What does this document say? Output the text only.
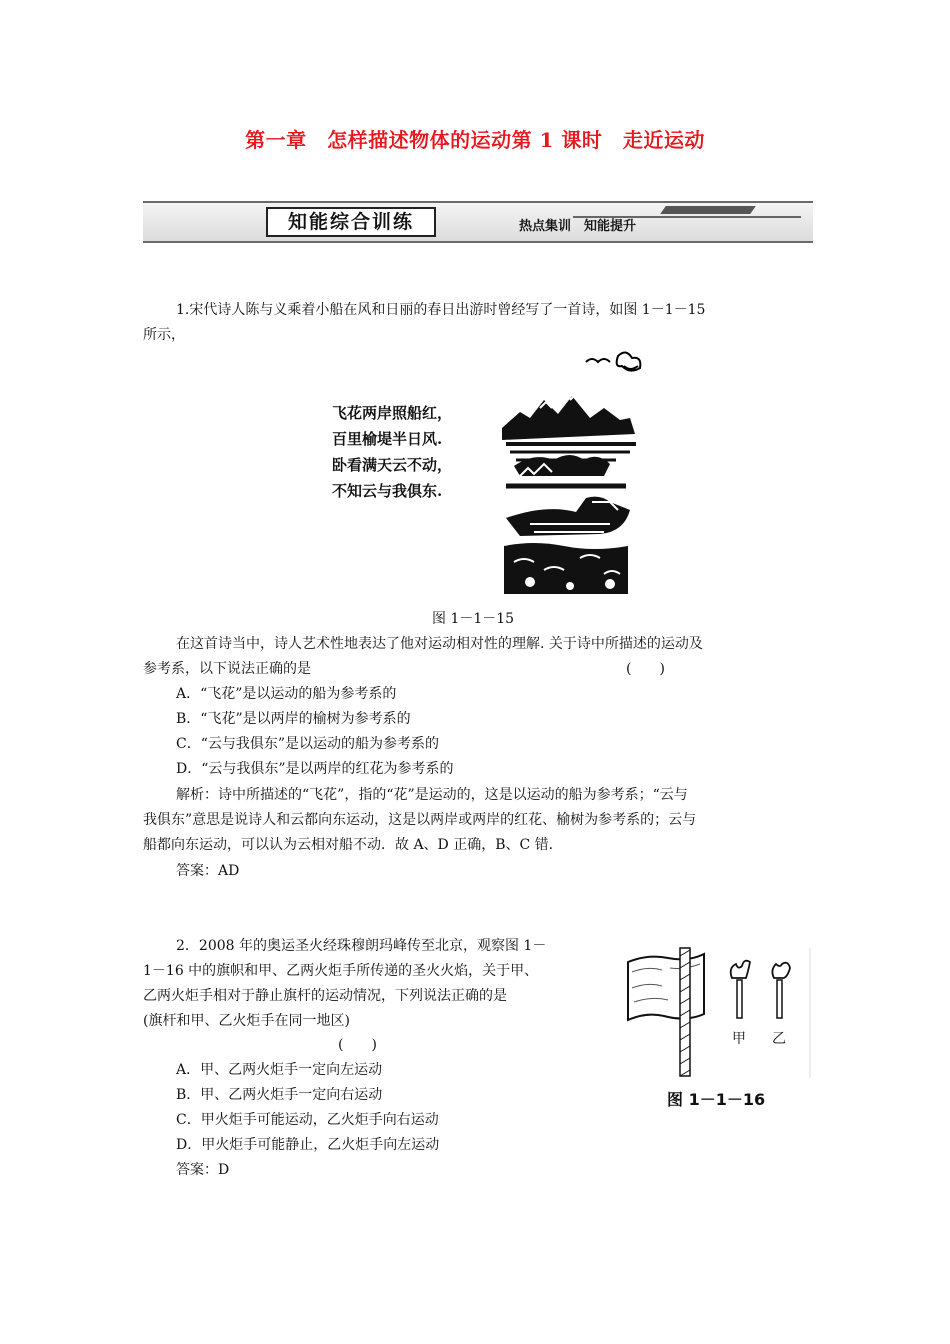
第一章　怎样描述物体的运动第 1 课时　走近运动
知能综合训练	热点集训　知能提升
1.宋代诗人陈与义乘着小船在风和日丽的春日出游时曾经写了一首诗，如图 1－1－15
所示，
飞花两岸照船红，
百里榆堤半日风.
卧看满天云不动，
不知云与我俱东.
图 1－1－15
在这首诗当中，诗人艺术性地表达了他对运动相对性的理解. 关于诗中所描述的运动及
参考系，以下说法正确的是	(　　)
A．“飞花”是以运动的船为参考系的
B．“飞花”是以两岸的榆树为参考系的
C．“云与我俱东”是以运动的船为参考系的
D．“云与我俱东”是以两岸的红花为参考系的
解析：诗中所描述的“飞花”，指的“花”是运动的，这是以运动的船为参考系；“云与
我俱东”意思是说诗人和云都向东运动，这是以两岸或两岸的红花、榆树为参考系的；云与
船都向东运动，可以认为云相对船不动．故 A、D 正确，B、C 错．
答案：AD
2．2008 年的奥运圣火经珠穆朗玛峰传至北京，观察图 1－
1－16 中的旗帜和甲、乙两火炬手所传递的圣火火焰，关于甲、
乙两火炬手相对于静止旗杆的运动情况，下列说法正确的是
(旗杆和甲、乙火炬手在同一地区)
(　　)
A．甲、乙两火炬手一定向左运动
B．甲、乙两火炬手一定向右运动
C．甲火炬手可能运动，乙火炬手向右运动
D．甲火炬手可能静止，乙火炬手向左运动
答案：D
甲 乙
图 1－1－16
